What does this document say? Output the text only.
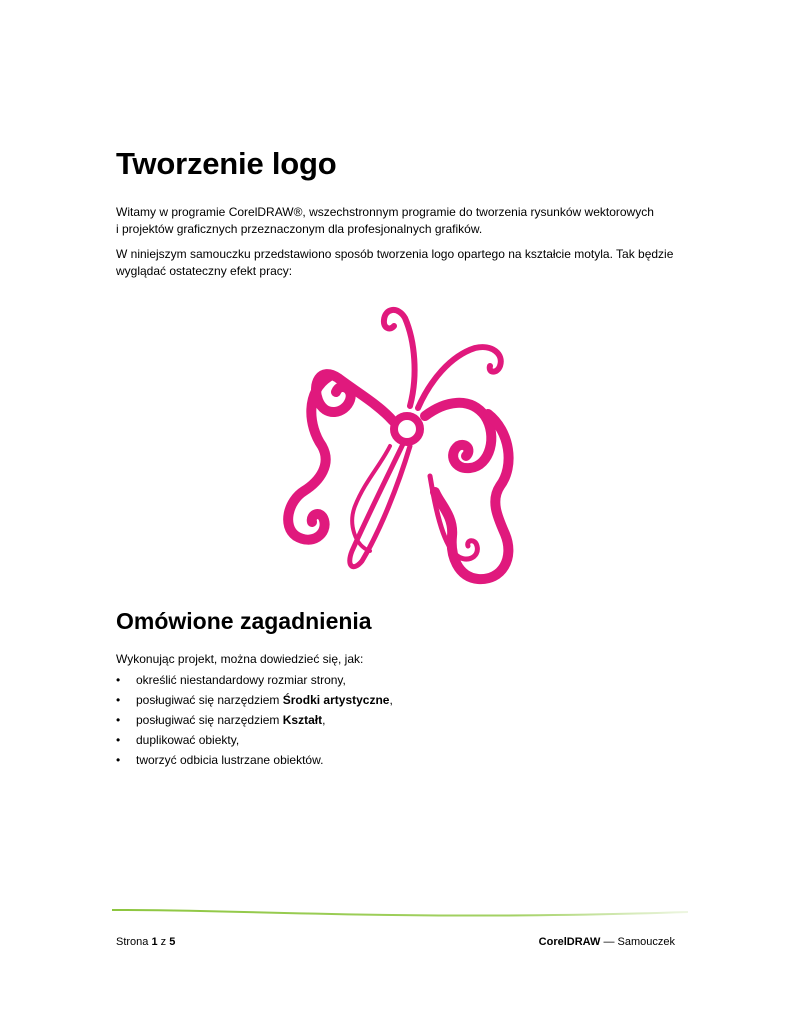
Tworzenie logo

Witamy w programie CorelDRAW®, wszechstronnym programie do tworzenia rysunków wektorowych
i projektów graficznych przeznaczonym dla profesjonalnych grafików.

W niniejszym samouczku przedstawiono sposób tworzenia logo opartego na kształcie motyla. Tak będzie
wyglądać ostateczny efekt pracy:

Omówione zagadnienia

Wykonując projekt, można dowiedzieć się, jak:

•	określić niestandardowy rozmiar strony,
•	posługiwać się narzędziem Środki artystyczne,
•	posługiwać się narzędziem Kształt,
•	duplikować obiekty,
•	tworzyć odbicia lustrzane obiektów.
Strona 1 z 5	CorelDRAW — Samouczek
